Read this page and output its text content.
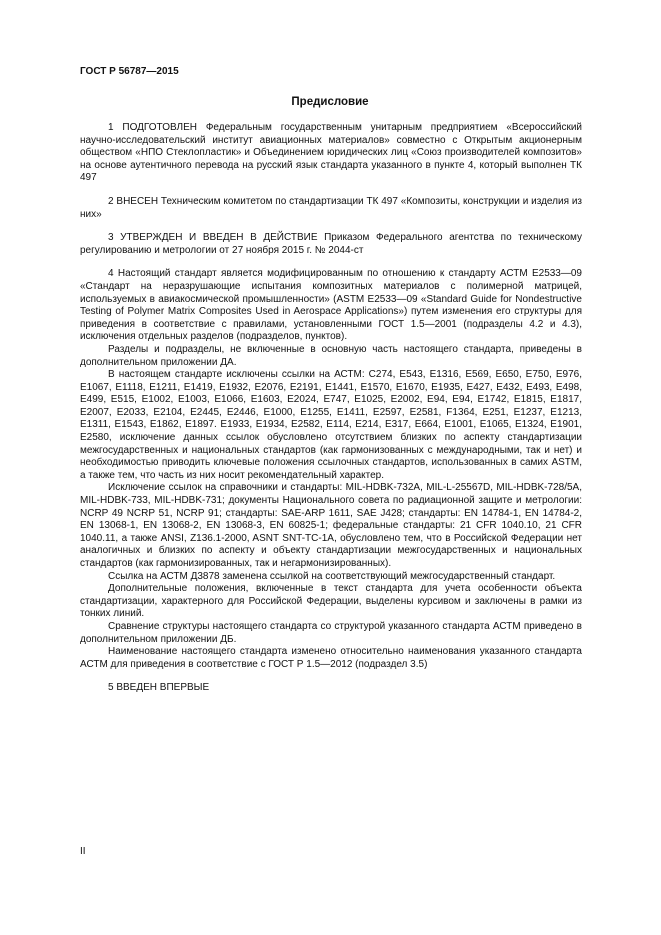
ГОСТ Р 56787—2015
Предисловие

1 ПОДГОТОВЛЕН Федеральным государственным унитарным предприятием «Всероссийский научно-исследовательский институт авиационных материалов» совместно с Открытым акционерным обществом «НПО Стеклопластик» и Объединением юридических лиц «Союз производителей композитов» на основе аутентичного перевода на русский язык стандарта указанного в пункте 4, который выполнен ТК 497

2 ВНЕСЕН Техническим комитетом по стандартизации ТК 497 «Композиты, конструкции и изделия из них»

3 УТВЕРЖДЕН И ВВЕДЕН В ДЕЙСТВИЕ Приказом Федерального агентства по техническому регулированию и метрологии от 27 ноября 2015 г. № 2044-ст

4 Настоящий стандарт является модифицированным по отношению к стандарту АСТМ Е2533—09 «Стандарт на неразрушающие испытания композитных материалов с полимерной матрицей, используемых в авиакосмической промышленности» (ASTM E2533—09 «Standard Guide for Nondestructive Testing of Polymer Matrix Composites Used in Aerospace Applications») путем изменения его структуры для приведения в соответствие с правилами, установленными ГОСТ 1.5—2001 (подразделы 4.2 и 4.3), исключения отдельных разделов (подразделов, пунктов).

Разделы и подразделы, не включенные в основную часть настоящего стандарта, приведены в дополнительном приложении ДА.

В настоящем стандарте исключены ссылки на АСТМ: С274, Е543, Е1316, Е569, Е650, Е750, Е976, Е1067, Е1118, Е1211, Е1419, Е1932, Е2076, Е2191, Е1441, Е1570, Е1670, Е1935, Е427, Е432, Е493, Е498, Е499, Е515, Е1002, Е1003, Е1066, Е1603, Е2024, Е747, Е1025, Е2002, Е94, Е94, Е1742, Е1815, Е1817, Е2007, Е2033, Е2104, Е2445, Е2446, Е1000, Е1255, Е1411, Е2597, Е2581, F1364, Е251, Е1237, Е1213, Е1311, Е1543, Е1862, Е1897. Е1933, Е1934, Е2582, Е114, Е214, Е317, Е664, Е1001, Е1065, Е1324, Е1901, Е2580, исключение данных ссылок обусловлено отсутствием близких по аспекту стандартизации межгосударственных и национальных стандартов (как гармонизованных с международными, так и нет) и необходимостью приводить ключевые положения ссылочных стандартов, использованных в самих ASTM, а также тем, что часть из них носит рекомендательный характер.

Исключение ссылок на справочники и стандарты: MIL-HDBK-732А, MIL-L-25567D, MIL-HDBK-728/5A, MIL-HDBK-733, MIL-HDBK-731; документы Национального совета по радиационной защите и метрологии: NCRP 49 NCRP 51, NCRP 91; стандарты: SAE-ARP 1611, SAE J428; стандарты: EN 14784-1, EN 14784-2, EN 13068-1, EN 13068-2, EN 13068-3, EN 60825-1; федеральные стандарты: 21 CFR 1040.10, 21 CFR 1040.11, а также ANSI, Z136.1-2000, ASNT SNT-TC-1A, обусловлено тем, что в Российской Федерации нет аналогичных и близких по аспекту и объекту стандартизации межгосударственных и национальных стандартов (как гармонизированных, так и негармонизированных).

Ссылка на АСТМ Д3878 заменена ссылкой на соответствующий межгосударственный стандарт.

Дополнительные положения, включенные в текст стандарта для учета особенности объекта стандартизации, характерного для Российской Федерации, выделены курсивом и заключены в рамки из тонких линий.

Сравнение структуры настоящего стандарта со структурой указанного стандарта АСТМ приведено в дополнительном приложении ДБ.

Наименование настоящего стандарта изменено относительно наименования указанного стандарта АСТМ для приведения в соответствие с ГОСТ Р 1.5—2012 (подраздел 3.5)

5 ВВЕДЕН ВПЕРВЫЕ

II
